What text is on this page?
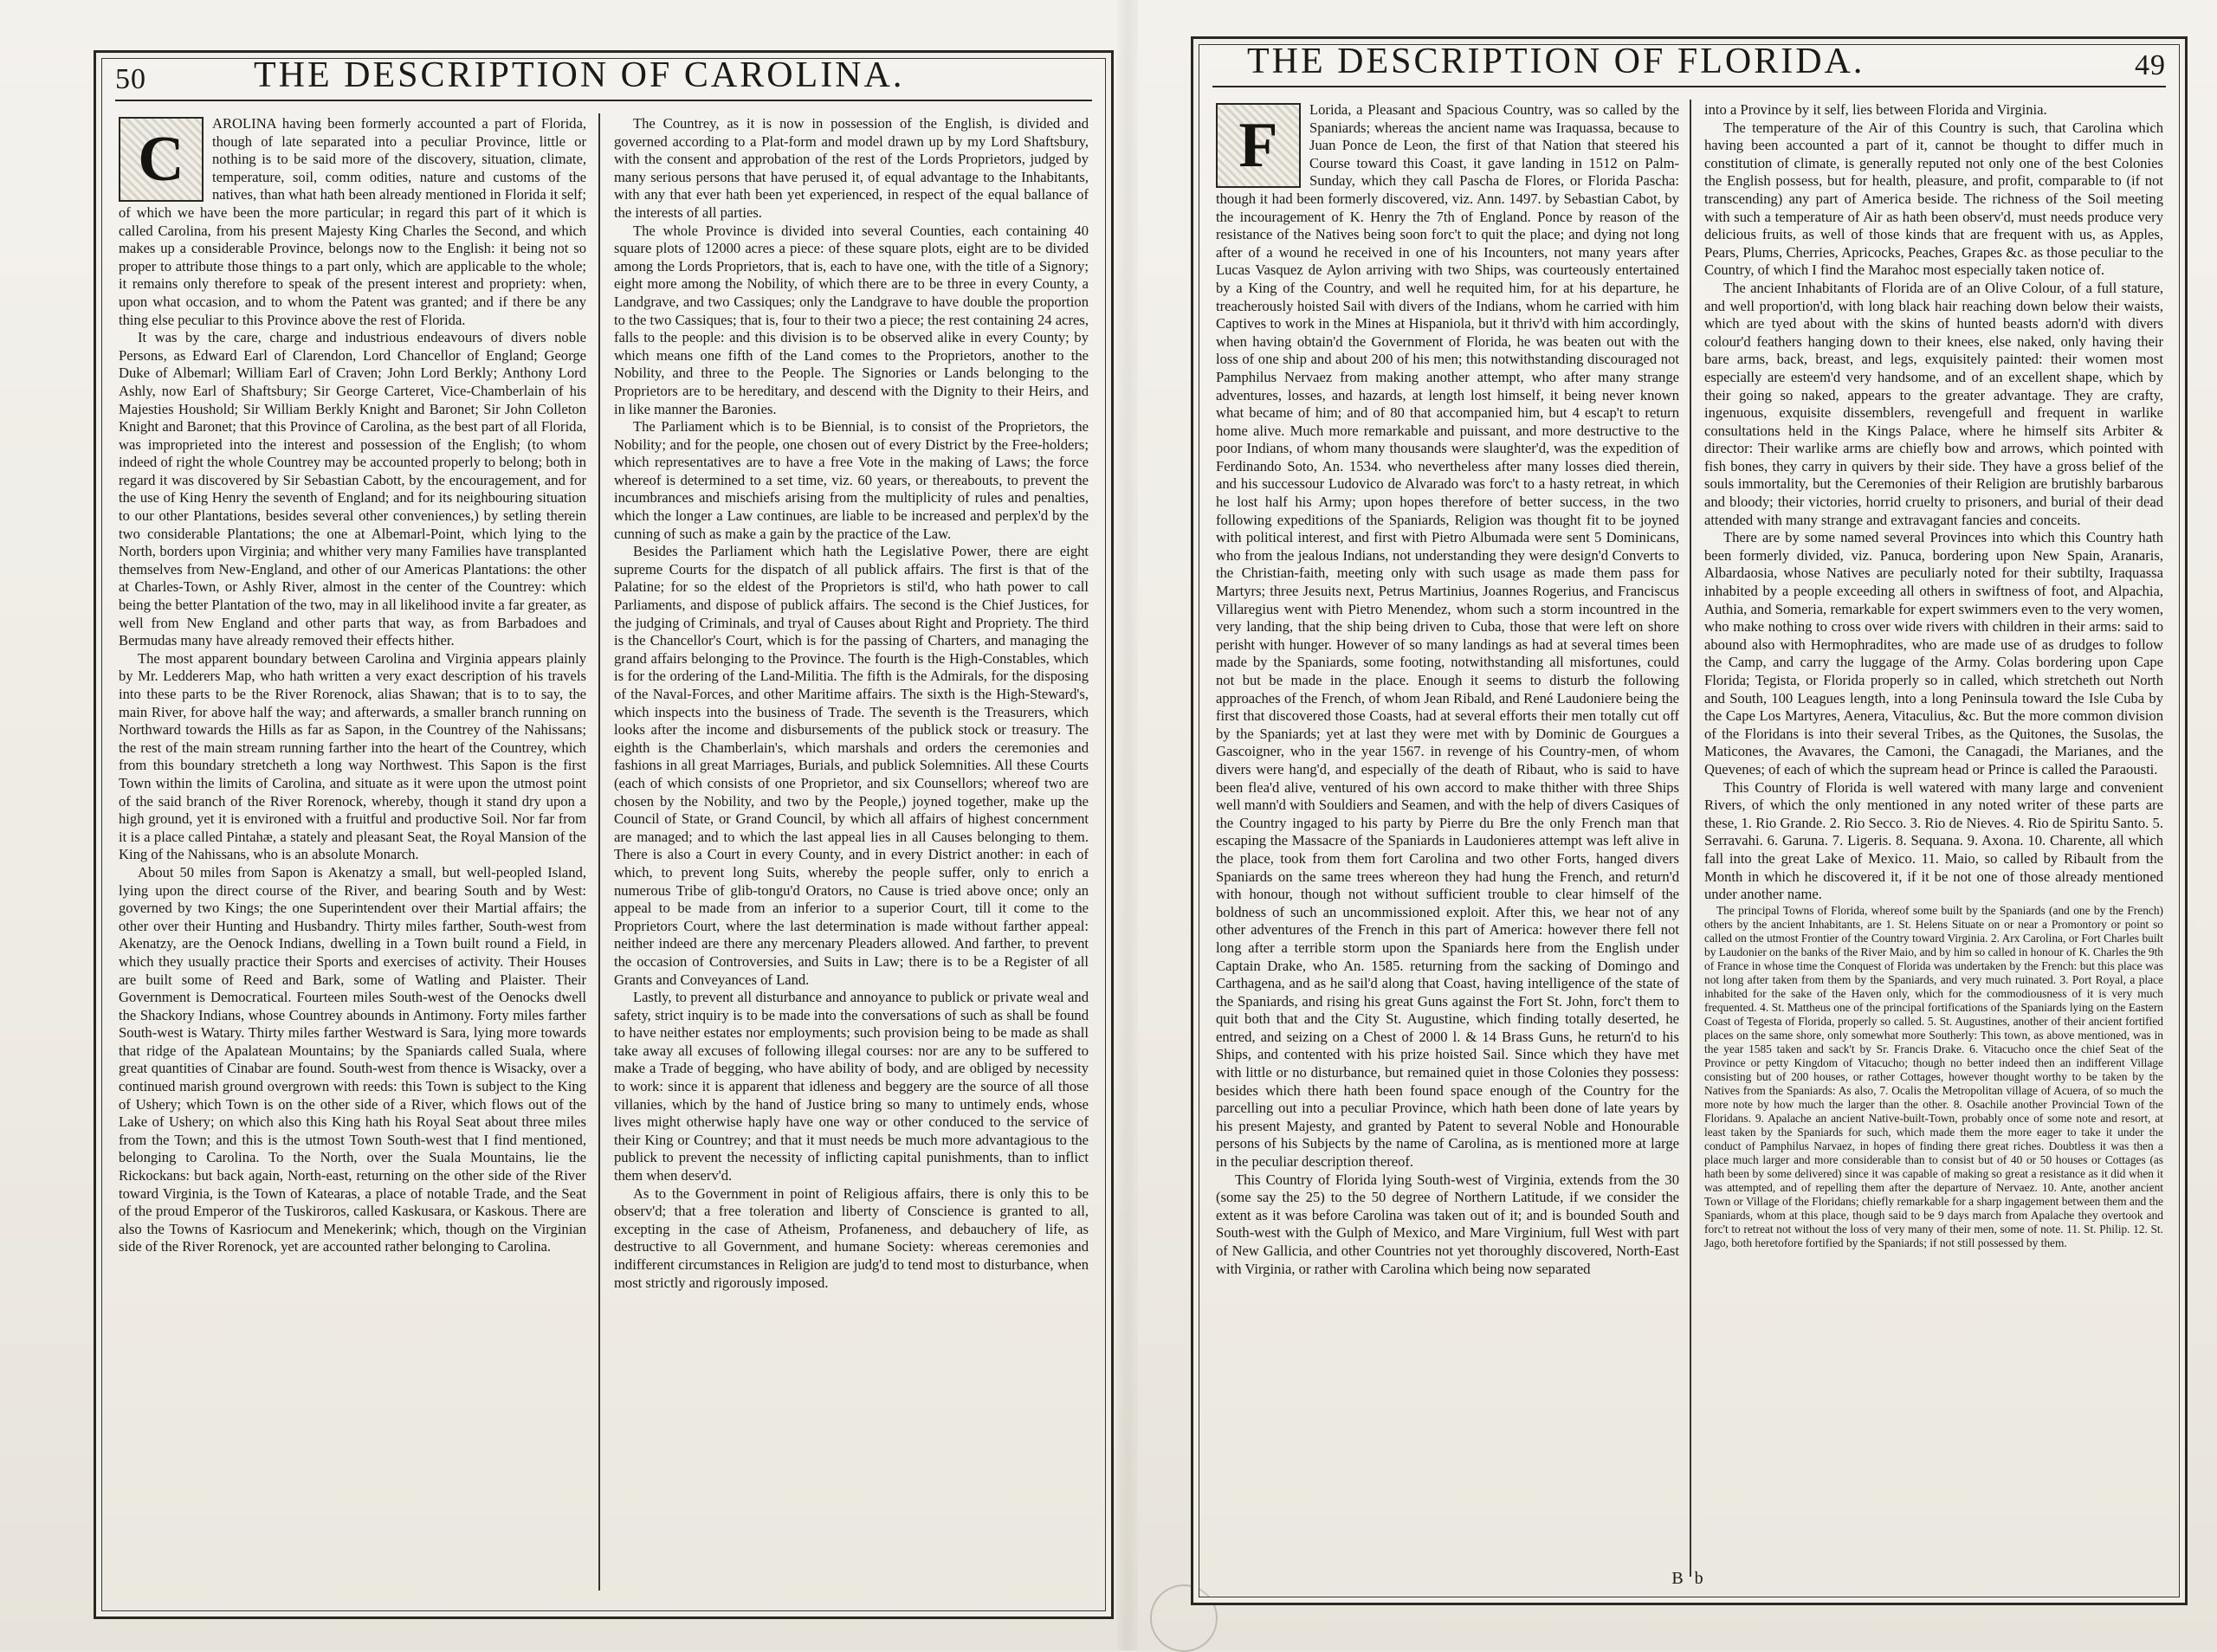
50	THE DESCRIPTION OF CAROLINA.

C
AROLINA having been formerly accounted a part of Florida, though of late separated into a peculiar Province, little or nothing is to be said more of the discovery, situation, climate, temperature, soil, comm odities, nature and customs of the natives, than what hath been already mentioned in Florida it self; of which we have been the more particular; in regard this part of it which is called Carolina, from his present Majesty King Charles the Second, and which makes up a considerable Province, belongs now to the English: it being not so proper to attribute those things to a part only, which are applicable to the whole; it remains only therefore to speak of the present interest and propriety: when, upon what occasion, and to whom the Patent was granted; and if there be any thing else peculiar to this Province above the rest of Florida.

It was by the care, charge and industrious endeavours of divers noble Persons, as Edward Earl of Clarendon, Lord Chancellor of England; George Duke of Albemarl; William Earl of Craven; John Lord Berkly; Anthony Lord Ashly, now Earl of Shaftsbury; Sir George Carteret, Vice-Chamberlain of his Majesties Houshold; Sir William Berkly Knight and Baronet; Sir John Colleton Knight and Baronet; that this Province of Carolina, as the best part of all Florida, was improprieted into the interest and possession of the English; (to whom indeed of right the whole Countrey may be accounted properly to belong; both in regard it was discovered by Sir Sebastian Cabott, by the encouragement, and for the use of King Henry the seventh of England; and for its neighbouring situation to our other Plantations, besides several other conveniences,) by setling therein two considerable Plantations; the one at Albemarl-Point, which lying to the North, borders upon Virginia; and whither very many Families have transplanted themselves from New-England, and other of our Americas Plantations: the other at Charles-Town, or Ashly River, almost in the center of the Countrey: which being the better Plantation of the two, may in all likelihood invite a far greater, as well from New England and other parts that way, as from Barbadoes and Bermudas many have already removed their effects hither.

The most apparent boundary between Carolina and Virginia appears plainly by Mr. Ledderers Map, who hath written a very exact description of his travels into these parts to be the River Rorenock, alias Shawan; that is to to say, the main River, for above half the way; and afterwards, a smaller branch running on Northward towards the Hills as far as Sapon, in the Countrey of the Nahissans; the rest of the main stream running farther into the heart of the Countrey, which from this boundary stretcheth a long way Northwest. This Sapon is the first Town within the limits of Carolina, and situate as it were upon the utmost point of the said branch of the River Rorenock, whereby, though it stand dry upon a high ground, yet it is environed with a fruitful and productive Soil. Nor far from it is a place called Pintahæ, a stately and pleasant Seat, the Royal Mansion of the King of the Nahissans, who is an absolute Monarch.

About 50 miles from Sapon is Akenatzy a small, but well-peopled Island, lying upon the direct course of the River, and bearing South and by West: governed by two Kings; the one Superintendent over their Martial affairs; the other over their Hunting and Husbandry. Thirty miles farther, South-west from Akenatzy, are the Oenock Indians, dwelling in a Town built round a Field, in which they usually practice their Sports and exercises of activity. Their Houses are built some of Reed and Bark, some of Watling and Plaister. Their Government is Democratical. Fourteen miles South-west of the Oenocks dwell the Shackory Indians, whose Countrey abounds in Antimony. Forty miles farther South-west is Watary. Thirty miles farther Westward is Sara, lying more towards that ridge of the Apalatean Mountains; by the Spaniards called Suala, where great quantities of Cinabar are found. South-west from thence is Wisacky, over a continued marish ground overgrown with reeds: this Town is subject to the King of Ushery; which Town is on the other side of a River, which flows out of the Lake of Ushery; on which also this King hath his Royal Seat about three miles from the Town; and this is the utmost Town South-west that I find mentioned, belonging to Carolina. To the North, over the Suala Mountains, lie the Rickockans: but back again, North-east, returning on the other side of the River toward Virginia, is the Town of Katearas, a place of notable Trade, and the Seat of the proud Emperor of the Tuskiroros, called Kaskusara, or Kaskous. There are also the Towns of Kasriocum and Menekerink; which, though on the Virginian side of the River Rorenock, yet are accounted rather belonging to Carolina.

The Countrey, as it is now in possession of the English, is divided and governed according to a Plat-form and model drawn up by my Lord Shaftsbury, with the consent and approbation of the rest of the Lords Proprietors, judged by many serious persons that have perused it, of equal advantage to the Inhabitants, with any that ever hath been yet experienced, in respect of the equal ballance of the interests of all parties.

The whole Province is divided into several Counties, each containing 40 square plots of 12000 acres a piece: of these square plots, eight are to be divided among the Lords Proprietors, that is, each to have one, with the title of a Signory; eight more among the Nobility, of which there are to be three in every County, a Landgrave, and two Cassiques; only the Landgrave to have double the proportion to the two Cassiques; that is, four to their two a piece; the rest containing 24 acres, falls to the people: and this division is to be observed alike in every County; by which means one fifth of the Land comes to the Proprietors, another to the Nobility, and three to the People. The Signories or Lands belonging to the Proprietors are to be hereditary, and descend with the Dignity to their Heirs, and in like manner the Baronies.

The Parliament which is to be Biennial, is to consist of the Proprietors, the Nobility; and for the people, one chosen out of every District by the Free-holders; which representatives are to have a free Vote in the making of Laws; the force whereof is determined to a set time, viz. 60 years, or thereabouts, to prevent the incumbrances and mischiefs arising from the multiplicity of rules and penalties, which the longer a Law continues, are liable to be increased and perplex'd by the cunning of such as make a gain by the practice of the Law.

Besides the Parliament which hath the Legislative Power, there are eight supreme Courts for the dispatch of all publick affairs. The first is that of the Palatine; for so the eldest of the Proprietors is stil'd, who hath power to call Parliaments, and dispose of publick affairs. The second is the Chief Justices, for the judging of Criminals, and tryal of Causes about Right and Propriety. The third is the Chancellor's Court, which is for the passing of Charters, and managing the grand affairs belonging to the Province. The fourth is the High-Constables, which is for the ordering of the Land-Militia. The fifth is the Admirals, for the disposing of the Naval-Forces, and other Maritime affairs. The sixth is the High-Steward's, which inspects into the business of Trade. The seventh is the Treasurers, which looks after the income and disbursements of the publick stock or treasury. The eighth is the Chamberlain's, which marshals and orders the ceremonies and fashions in all great Marriages, Burials, and publick Solemnities. All these Courts (each of which consists of one Proprietor, and six Counsellors; whereof two are chosen by the Nobility, and two by the People,) joyned together, make up the Council of State, or Grand Council, by which all affairs of highest concernment are managed; and to which the last appeal lies in all Causes belonging to them. There is also a Court in every County, and in every District another: in each of which, to prevent long Suits, whereby the people suffer, only to enrich a numerous Tribe of glib-tongu'd Orators, no Cause is tried above once; only an appeal to be made from an inferior to a superior Court, till it come to the Proprietors Court, where the last determination is made without farther appeal: neither indeed are there any mercenary Pleaders allowed. And farther, to prevent the occasion of Controversies, and Suits in Law; there is to be a Register of all Grants and Conveyances of Land.

Lastly, to prevent all disturbance and annoyance to publick or private weal and safety, strict inquiry is to be made into the conversations of such as shall be found to have neither estates nor employments; such provision being to be made as shall take away all excuses of following illegal courses: nor are any to be suffered to make a Trade of begging, who have ability of body, and are obliged by necessity to work: since it is apparent that idleness and beggery are the source of all those villanies, which by the hand of Justice bring so many to untimely ends, whose lives might otherwise haply have one way or other conduced to the service of their King or Countrey; and that it must needs be much more advantagious to the publick to prevent the necessity of inflicting capital punishments, than to inflict them when deserv'd.

As to the Government in point of Religious affairs, there is only this to be observ'd; that a free toleration and liberty of Conscience is granted to all, excepting in the case of Atheism, Profaneness, and debauchery of life, as destructive to all Government, and humane Society: whereas ceremonies and indifferent circumstances in Religion are judg'd to tend most to disturbance, when most strictly and rigorously imposed.

THE DESCRIPTION OF FLORIDA.	49

F
Lorida, a Pleasant and Spacious Country, was so called by the Spaniards; whereas the ancient name was Iraquassa, because to Juan Ponce de Leon, the first of that Nation that steered his Course toward this Coast, it gave landing in 1512 on Palm-Sunday, which they call Pascha de Flores, or Florida Pascha: though it had been formerly discovered, viz. Ann. 1497. by Sebastian Cabot, by the incouragement of K. Henry the 7th of England. Ponce by reason of the resistance of the Natives being soon forc't to quit the place; and dying not long after of a wound he received in one of his Incounters, not many years after Lucas Vasquez de Aylon arriving with two Ships, was courteously entertained by a King of the Country, and well he requited him, for at his departure, he treacherously hoisted Sail with divers of the Indians, whom he carried with him Captives to work in the Mines at Hispaniola, but it thriv'd with him accordingly, when having obtain'd the Government of Florida, he was beaten out with the loss of one ship and about 200 of his men; this notwithstanding discouraged not Pamphilus Nervaez from making another attempt, who after many strange adventures, losses, and hazards, at length lost himself, it being never known what became of him; and of 80 that accompanied him, but 4 escap't to return home alive. Much more remarkable and puissant, and more destructive to the poor Indians, of whom many thousands were slaughter'd, was the expedition of Ferdinando Soto, An. 1534. who nevertheless after many losses died therein, and his successour Ludovico de Alvarado was forc't to a hasty retreat, in which he lost half his Army; upon hopes therefore of better success, in the two following expeditions of the Spaniards, Religion was thought fit to be joyned with political interest, and first with Pietro Albumada were sent 5 Dominicans, who from the jealous Indians, not understanding they were design'd Converts to the Christian-faith, meeting only with such usage as made them pass for Martyrs; three Jesuits next, Petrus Martinius, Joannes Rogerius, and Franciscus Villaregius went with Pietro Menendez, whom such a storm incountred in the very landing, that the ship being driven to Cuba, those that were left on shore perisht with hunger. However of so many landings as had at several times been made by the Spaniards, some footing, notwithstanding all misfortunes, could not but be made in the place. Enough it seems to disturb the following approaches of the French, of whom Jean Ribald, and René Laudoniere being the first that discovered those Coasts, had at several efforts their men totally cut off by the Spaniards; yet at last they were met with by Dominic de Gourgues a Gascoigner, who in the year 1567. in revenge of his Country-men, of whom divers were hang'd, and especially of the death of Ribaut, who is said to have been flea'd alive, ventured of his own accord to make thither with three Ships well mann'd with Souldiers and Seamen, and with the help of divers Casiques of the Country ingaged to his party by Pierre du Bre the only French man that escaping the Massacre of the Spaniards in Laudonieres attempt was left alive in the place, took from them fort Carolina and two other Forts, hanged divers Spaniards on the same trees whereon they had hung the French, and return'd with honour, though not without sufficient trouble to clear himself of the boldness of such an uncommissioned exploit. After this, we hear not of any other adventures of the French in this part of America: however there fell not long after a terrible storm upon the Spaniards here from the English under Captain Drake, who An. 1585. returning from the sacking of Domingo and Carthagena, and as he sail'd along that Coast, having intelligence of the state of the Spaniards, and rising his great Guns against the Fort St. John, forc't them to quit both that and the City St. Augustine, which finding totally deserted, he entred, and seizing on a Chest of 2000 l. & 14 Brass Guns, he return'd to his Ships, and contented with his prize hoisted Sail. Since which they have met with little or no disturbance, but remained quiet in those Colonies they possess: besides which there hath been found space enough of the Country for the parcelling out into a peculiar Province, which hath been done of late years by his present Majesty, and granted by Patent to several Noble and Honourable persons of his Subjects by the name of Carolina, as is mentioned more at large in the peculiar description thereof.

This Country of Florida lying South-west of Virginia, extends from the 30 (some say the 25) to the 50 degree of Northern Latitude, if we consider the extent as it was before Carolina was taken out of it; and is bounded South and South-west with the Gulph of Mexico, and Mare Virginium, full West with part of New Gallicia, and other Countries not yet thoroughly discovered, North-East with Virginia, or rather with Carolina which being now separated

into a Province by it self, lies between Florida and Virginia.

The temperature of the Air of this Country is such, that Carolina which having been accounted a part of it, cannot be thought to differ much in constitution of climate, is generally reputed not only one of the best Colonies the English possess, but for health, pleasure, and profit, comparable to (if not transcending) any part of America beside. The richness of the Soil meeting with such a temperature of Air as hath been observ'd, must needs produce very delicious fruits, as well of those kinds that are frequent with us, as Apples, Pears, Plums, Cherries, Apricocks, Peaches, Grapes &c. as those peculiar to the Country, of which I find the Marahoc most especially taken notice of.

The ancient Inhabitants of Florida are of an Olive Colour, of a full stature, and well proportion'd, with long black hair reaching down below their waists, which are tyed about with the skins of hunted beasts adorn'd with divers colour'd feathers hanging down to their knees, else naked, only having their bare arms, back, breast, and legs, exquisitely painted: their women most especially are esteem'd very handsome, and of an excellent shape, which by their going so naked, appears to the greater advantage. They are crafty, ingenuous, exquisite dissemblers, revengefull and frequent in warlike consultations held in the Kings Palace, where he himself sits Arbiter & director: Their warlike arms are chiefly bow and arrows, which pointed with fish bones, they carry in quivers by their side. They have a gross belief of the souls immortality, but the Ceremonies of their Religion are brutishly barbarous and bloody; their victories, horrid cruelty to prisoners, and burial of their dead attended with many strange and extravagant fancies and conceits.

There are by some named several Provinces into which this Country hath been formerly divided, viz. Panuca, bordering upon New Spain, Aranaris, Albardaosia, whose Natives are peculiarly noted for their subtilty, Iraquassa inhabited by a people exceeding all others in swiftness of foot, and Alpachia, Authia, and Someria, remarkable for expert swimmers even to the very women, who make nothing to cross over wide rivers with children in their arms: said to abound also with Hermophradites, who are made use of as drudges to follow the Camp, and carry the luggage of the Army. Colas bordering upon Cape Florida; Tegista, or Florida properly so in called, which stretcheth out North and South, 100 Leagues length, into a long Peninsula toward the Isle Cuba by the Cape Los Martyres, Aenera, Vitaculius, &c. But the more common division of the Floridans is into their several Tribes, as the Quitones, the Susolas, the Maticones, the Avavares, the Camoni, the Canagadi, the Marianes, and the Quevenes; of each of which the supream head or Prince is called the Paraousti.

This Country of Florida is well watered with many large and convenient Rivers, of which the only mentioned in any noted writer of these parts are these, 1. Rio Grande. 2. Rio Secco. 3. Rio de Nieves. 4. Rio de Spiritu Santo. 5. Serravahi. 6. Garuna. 7. Ligeris. 8. Sequana. 9. Axona. 10. Charente, all which fall into the great Lake of Mexico. 11. Maio, so called by Ribault from the Month in which he discovered it, if it be not one of those already mentioned under another name.

The principal Towns of Florida, whereof some built by the Spaniards (and one by the French) others by the ancient Inhabitants, are 1. St. Helens Situate on or near a Promontory or point so called on the utmost Frontier of the Country toward Virginia. 2. Arx Carolina, or Fort Charles built by Laudonier on the banks of the River Maio, and by him so called in honour of K. Charles the 9th of France in whose time the Conquest of Florida was undertaken by the French: but this place was not long after taken from them by the Spaniards, and very much ruinated. 3. Port Royal, a place inhabited for the sake of the Haven only, which for the commodiousness of it is very much frequented. 4. St. Mattheus one of the principal fortifications of the Spaniards lying on the Eastern Coast of Tegesta of Florida, properly so called. 5. St. Augustines, another of their ancient fortified places on the same shore, only somewhat more Southerly: This town, as above mentioned, was in the year 1585 taken and sack't by Sr. Francis Drake. 6. Vitacucho once the chief Seat of the Province or petty Kingdom of Vitacucho; though no better indeed then an indifferent Village consisting but of 200 houses, or rather Cottages, however thought worthy to be taken by the Natives from the Spaniards: As also, 7. Ocalis the Metropolitan village of Acuera, of so much the more note by how much the larger than the other. 8. Osachile another Provincial Town of the Floridans. 9. Apalache an ancient Native-built-Town, probably once of some note and resort, at least taken by the Spaniards for such, which made them the more eager to take it under the conduct of Pamphilus Narvaez, in hopes of finding there great riches. Doubtless it was then a place much larger and more considerable than to consist but of 40 or 50 houses or Cottages (as hath been by some delivered) since it was capable of making so great a resistance as it did when it was attempted, and of repelling them after the departure of Nervaez. 10. Ante, another ancient Town or Village of the Floridans; chiefly remarkable for a sharp ingagement between them and the Spaniards, whom at this place, though said to be 9 days march from Apalache they overtook and forc't to retreat not without the loss of very many of their men, some of note. 11. St. Philip. 12. St. Jago, both heretofore fortified by the Spaniards; if not still possessed by them.

B b
